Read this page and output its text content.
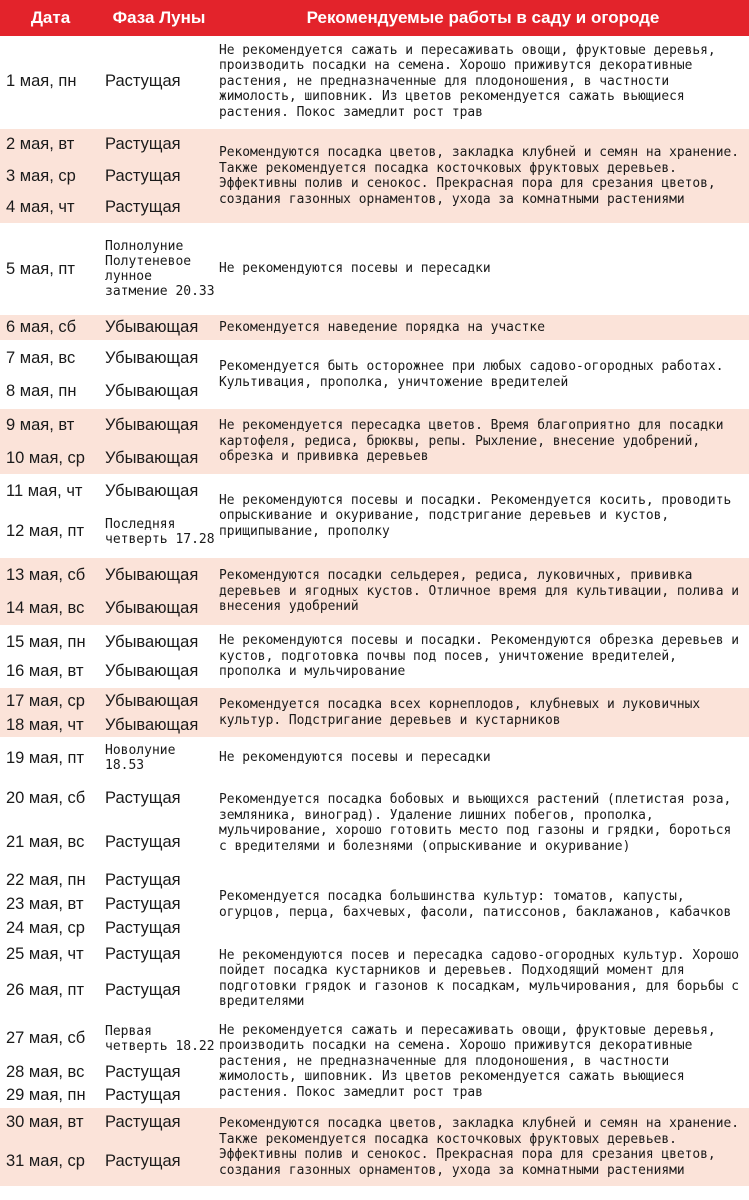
Дата	Фаза Луны	Рекомендуемые работы в саду и огороде
1 мая, пн	Растущая	Не рекомендуется сажать и пересаживать овощи, фруктовые деревья, производить посадки на семена. Хорошо приживутся декоративные растения, не предназначенные для плодоношения, в частности жимолость, шиповник. Из цветов рекомендуется сажать вьющиеся растения. Покос замедлит рост трав
2 мая, вт	Растущая	Рекомендуются посадка цветов, закладка клубней и семян на хранение. Также рекомендуется посадка косточковых фруктовых деревьев. Эффективны полив и сенокос. Прекрасная пора для срезания цветов, создания газонных орнаментов, ухода за комнатными растениями
3 мая, ср	Растущая	
4 мая, чт	Растущая	
5 мая, пт	Полнолуние Полутеневое лунное затмение 20.33	Не рекомендуются посевы и пересадки
6 мая, сб	Убывающая	Рекомендуется наведение порядка на участке
7 мая, вс	Убывающая	Рекомендуется быть осторожнее при любых садово-огородных работах. Культивация, прополка, уничтожение вредителей
8 мая, пн	Убывающая	
9 мая, вт	Убывающая	Не рекомендуется пересадка цветов. Время благоприятно для посадки картофеля, редиса, брюквы, репы. Рыхление, внесение удобрений, обрезка и прививка деревьев
10 мая, ср	Убывающая	
11 мая, чт	Убывающая	Не рекомендуются посевы и посадки. Рекомендуется косить, проводить опрыскивание и окуривание, подстригание деревьев и кустов, прищипывание, прополку
12 мая, пт	Последняя четверть 17.28	

13 мая, сб	Убывающая	Рекомендуются посадки сельдерея, редиса, луковичных, прививка деревьев и ягодных кустов. Отличное время для культивации, полива и внесения удобрений
14 мая, вс	Убывающая	
15 мая, пн	Убывающая	Не рекомендуются посевы и посадки. Рекомендуются обрезка деревьев и кустов, подготовка почвы под посев, уничтожение вредителей, прополка и мульчирование
16 мая, вт	Убывающая	
17 мая, ср	Убывающая	Рекомендуется посадка всех корнеплодов, клубневых и луковичных культур. Подстригание деревьев и кустарников
18 мая, чт	Убывающая	
19 мая, пт	Новолуние 18.53	Не рекомендуются посевы и пересадки
20 мая, сб	Растущая	Рекомендуется посадка бобовых и вьющихся растений (плетистая роза, земляника, виноград). Удаление лишних побегов, прополка, мульчирование, хорошо готовить место под газоны и грядки, бороться с вредителями и болезнями (опрыскивание и окуривание)
21 мая, вс	Растущая	
22 мая, пн	Растущая	Рекомендуется посадка большинства культур: томатов, капусты, огурцов, перца, бахчевых, фасоли, патиссонов, баклажанов, кабачков
23 мая, вт	Растущая	
24 мая, ср	Растущая	
25 мая, чт	Растущая	Не рекомендуются посев и пересадка садово-огородных культур. Хорошо пойдет посадка кустарников и деревьев. Подходящий момент для подготовки грядок и газонов к посадкам, мульчирования, для борьбы с вредителями
26 мая, пт	Растущая	
27 мая, сб	Первая четверть 18.22	Не рекомендуется сажать и пересаживать овощи, фруктовые деревья, производить посадки на семена. Хорошо приживутся декоративные растения, не предназначенные для плодоношения, в частности жимолость, шиповник. Из цветов рекомендуется сажать вьющиеся растения. Покос замедлит рост трав
28 мая, вс	Растущая	
29 мая, пн	Растущая	
30 мая, вт	Растущая	Рекомендуются посадка цветов, закладка клубней и семян на хранение. Также рекомендуется посадка косточковых фруктовых деревьев. Эффективны полив и сенокос. Прекрасная пора для срезания цветов, создания газонных орнаментов, ухода за комнатными растениями
31 мая, ср	Растущая	
